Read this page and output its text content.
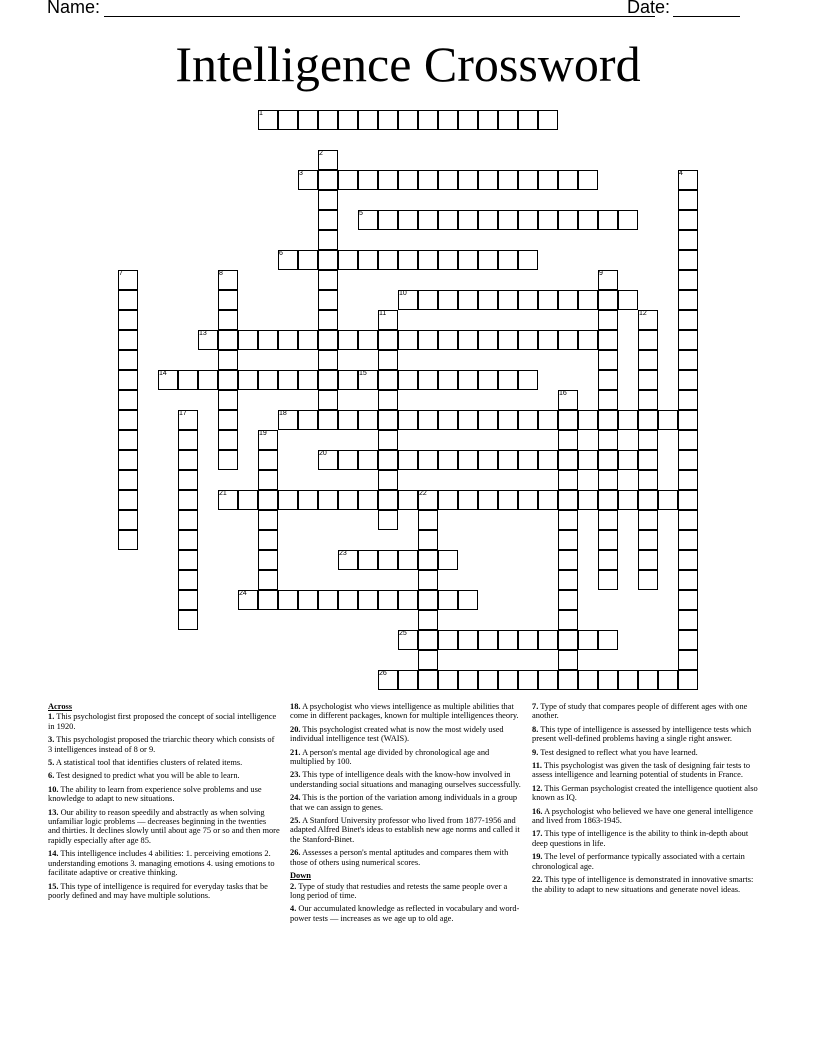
Name:	Date:
Intelligence Crossword
1
2
3	4
5
6
7	8	9
10
11	12
13
14	15
16
17	18
19
20
21	22
23
24
25
26
Across
1. This psychologist first proposed the concept of social intelligence in 1920.
3. This psychologist proposed the triarchic theory which consists of 3 intelligences instead of 8 or 9.
5. A statistical tool that identifies clusters of related items.
6. Test designed to predict what you will be able to learn.
10. The ability to learn from experience solve problems and use knowledge to adapt to new situations.
13. Our ability to reason speedily and abstractly as when solving unfamiliar logic problems — decreases beginning in the twenties and thirties. It declines slowly until about age 75 or so and then more rapidly especially after age 85.
14. This intelligence includes 4 abilities: 1. perceiving emotions 2. understanding emotions 3. managing emotions 4. using emotions to facilitate adaptive or creative thinking.
15. This type of intelligence is required for everyday tasks that be poorly defined and may have multiple solutions.
18. A psychologist who views intelligence as multiple abilities that come in different packages, known for multiple intelligences theory.
20. This psychologist created what is now the most widely used individual intelligence test (WAIS).
21. A person's mental age divided by chronological age and multiplied by 100.
23. This type of intelligence deals with the know-how involved in understanding social situations and managing ourselves successfully.
24. This is the portion of the variation among individuals in a group that we can assign to genes.
25. A Stanford University professor who lived from 1877-1956 and adapted Alfred Binet's ideas to establish new age norms and called it the Stanford-Binet.
26. Assesses a person's mental aptitudes and compares them with those of others using numerical scores.
Down
2. Type of study that restudies and retests the same people over a long period of time.
4. Our accumulated knowledge as reflected in vocabulary and word-power tests — increases as we age up to old age.
7. Type of study that compares people of different ages with one another.
8. This type of intelligence is assessed by intelligence tests which present well-defined problems having a single right answer.
9. Test designed to reflect what you have learned.
11. This psychologist was given the task of designing fair tests to assess intelligence and learning potential of students in France.
12. This German psychologist created the intelligence quotient also known as IQ.
16. A psychologist who believed we have one general intelligence and lived from 1863-1945.
17. This type of intelligence is the ability to think in-depth about deep questions in life.
19. The level of performance typically associated with a certain chronological age.
22. This type of intelligence is demonstrated in innovative smarts: the ability to adapt to new situations and generate novel ideas.
